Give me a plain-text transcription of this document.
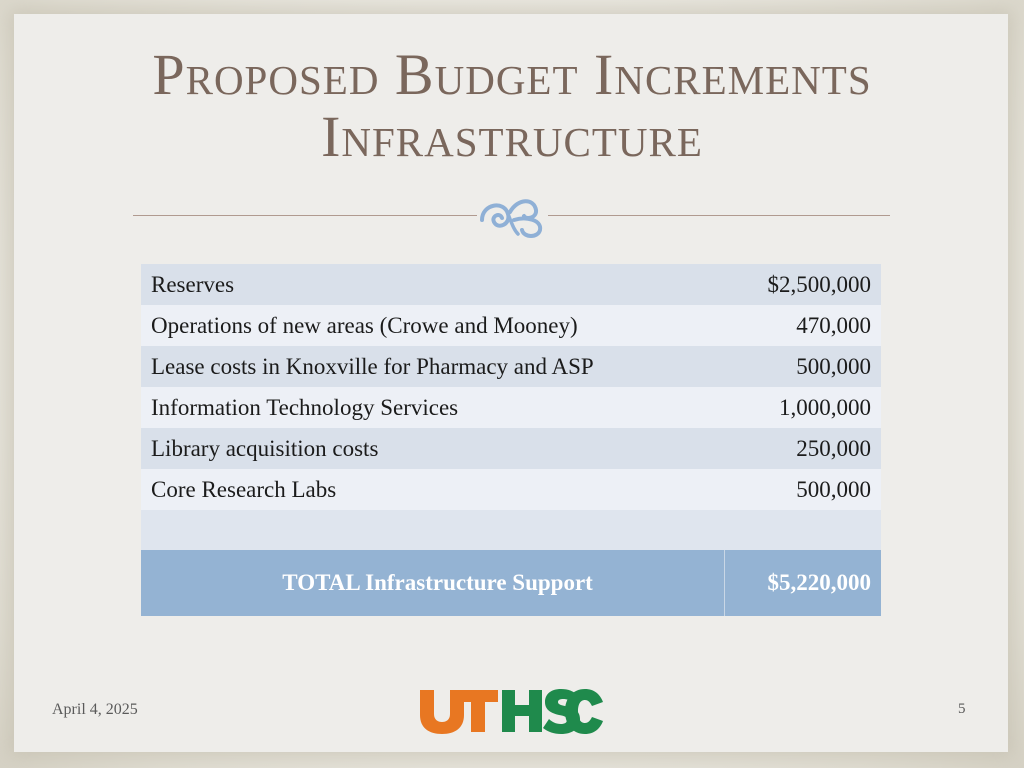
Proposed Budget Increments
Infrastructure
Reserves	$2,500,000
Operations of new areas (Crowe and Mooney)	470,000
Lease costs in Knoxville for Pharmacy and ASP	500,000
Information Technology Services	1,000,000
Library acquisition costs	250,000
Core Research Labs	500,000

TOTAL Infrastructure Support	$5,220,000
April 4, 2025	5
